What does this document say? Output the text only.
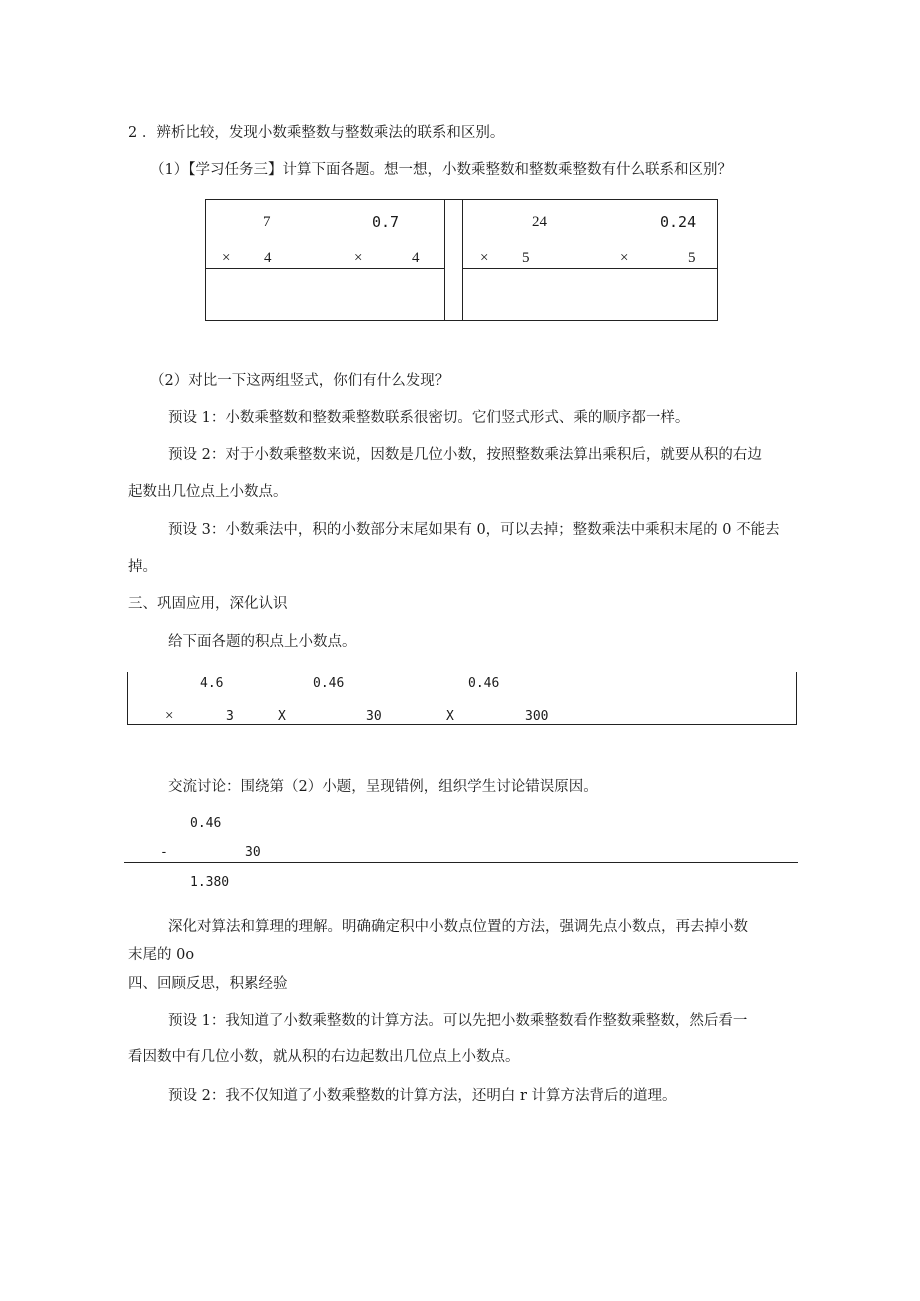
2 ．辨析比较，发现小数乘整数与整数乘法的联系和区别。
（1）【学习任务三】计算下面各题。想一想，小数乘整数和整数乘整数有什么联系和区别？
7
× 4
0.7
×	4
24
× 5
0.24
×	5
（2）对比一下这两组竖式，你们有什么发现？
预设 1：小数乘整数和整数乘整数联系很密切。它们竖式形式、乘的顺序都一样。
预设 2：对于小数乘整数来说，因数是几位小数，按照整数乘法算出乘积后，就要从积的右边
起数出几位点上小数点。
预设 3：小数乘法中，积的小数部分末尾如果有 0，可以去掉；整数乘法中乘积末尾的 0 不能去
掉。
三、巩固应用，深化认识
给下面各题的积点上小数点。
4.6
×	3
0.46
X	30
0.46
X	300
交流讨论：围绕第（2）小题，呈现错例，组织学生讨论错误原因。
0.46
-	30
1.380
深化对算法和算理的理解。明确确定积中小数点位置的方法，强调先点小数点，再去掉小数
末尾的 0o
四、回顾反思，积累经验
预设 1：我知道了小数乘整数的计算方法。可以先把小数乘整数看作整数乘整数，然后看一
看因数中有几位小数，就从积的右边起数出几位点上小数点。
预设 2：我不仅知道了小数乘整数的计算方法，还明白 r 计算方法背后的道理。
